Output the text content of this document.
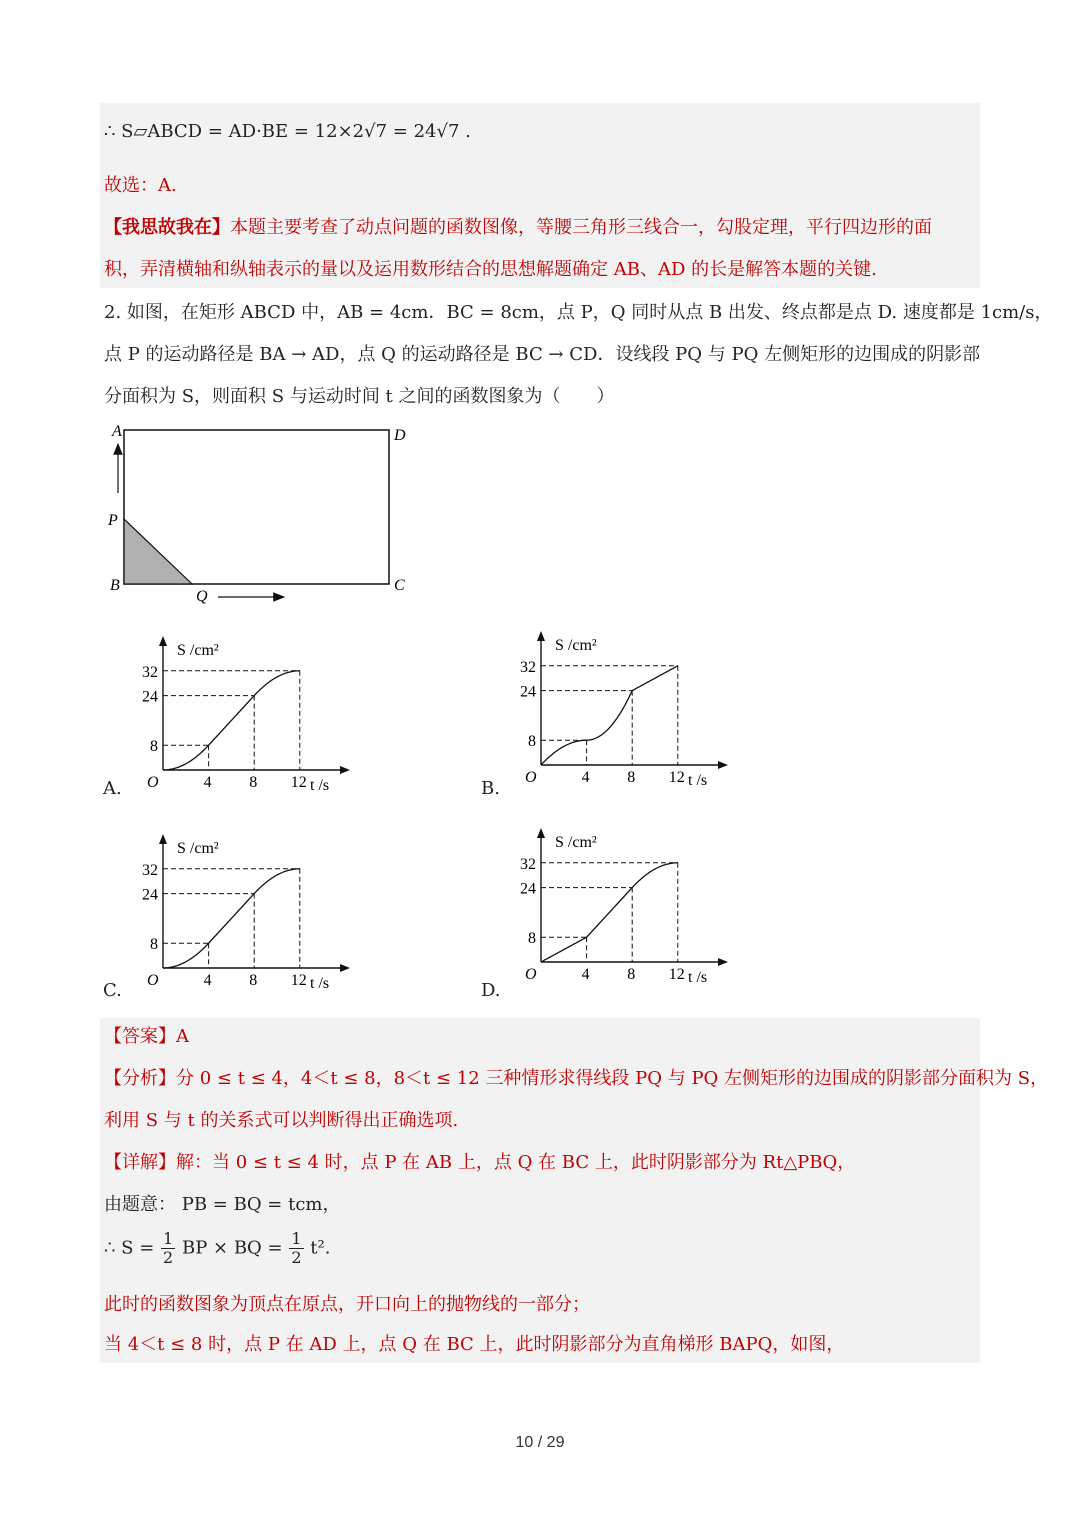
∴ S▱ABCD = AD·BE = 12×2√7 = 24√7 .
故选：A.
【我思故我在】本题主要考查了动点问题的函数图像，等腰三角形三线合一，勾股定理，平行四边形的面
积，弄清横轴和纵轴表示的量以及运用数形结合的思想解题确定 AB、AD 的长是解答本题的关键.
2. 如图，在矩形 ABCD 中，AB = 4cm．BC = 8cm，点 P，Q 同时从点 B 出发、终点都是点 D. 速度都是 1cm/s，
点 P 的运动路径是 BA → AD，点 Q 的运动路径是 BC → CD．设线段 PQ 与 PQ 左侧矩形的边围成的阴影部
分面积为 S，则面积 S 与运动时间 t 之间的函数图象为（　　）
A	D
P
B
Q
C
A. O	4 8 12
8
24
32
S /cm²
t /s	B.
O	4 8 12
8
24
32
S /cm²
t /s
C. O	4 8 12
8
24
32
S /cm²
t /s	D.
O	4 8 12
8
24
32
S /cm²
t /s
【答案】A
【分析】分 0 ≤ t ≤ 4，4＜t ≤ 8，8＜t ≤ 12 三种情形求得线段 PQ 与 PQ 左侧矩形的边围成的阴影部分面积为 S，
利用 S 与 t 的关系式可以判断得出正确选项.
【详解】解：当 0 ≤ t ≤ 4 时，点 P 在 AB 上，点 Q 在 BC 上，此时阴影部分为 Rt△PBQ，
由题意： PB = BQ = tcm，
∴ $S = \frac{1}{2}$ BP × BQ = $\frac{1}{2} t^2$.
此时的函数图象为顶点在原点，开口向上的抛物线的一部分；
当 4＜t ≤ 8 时，点 P 在 AD 上，点 Q 在 BC 上，此时阴影部分为直角梯形 BAPQ，如图，
10 / 29
